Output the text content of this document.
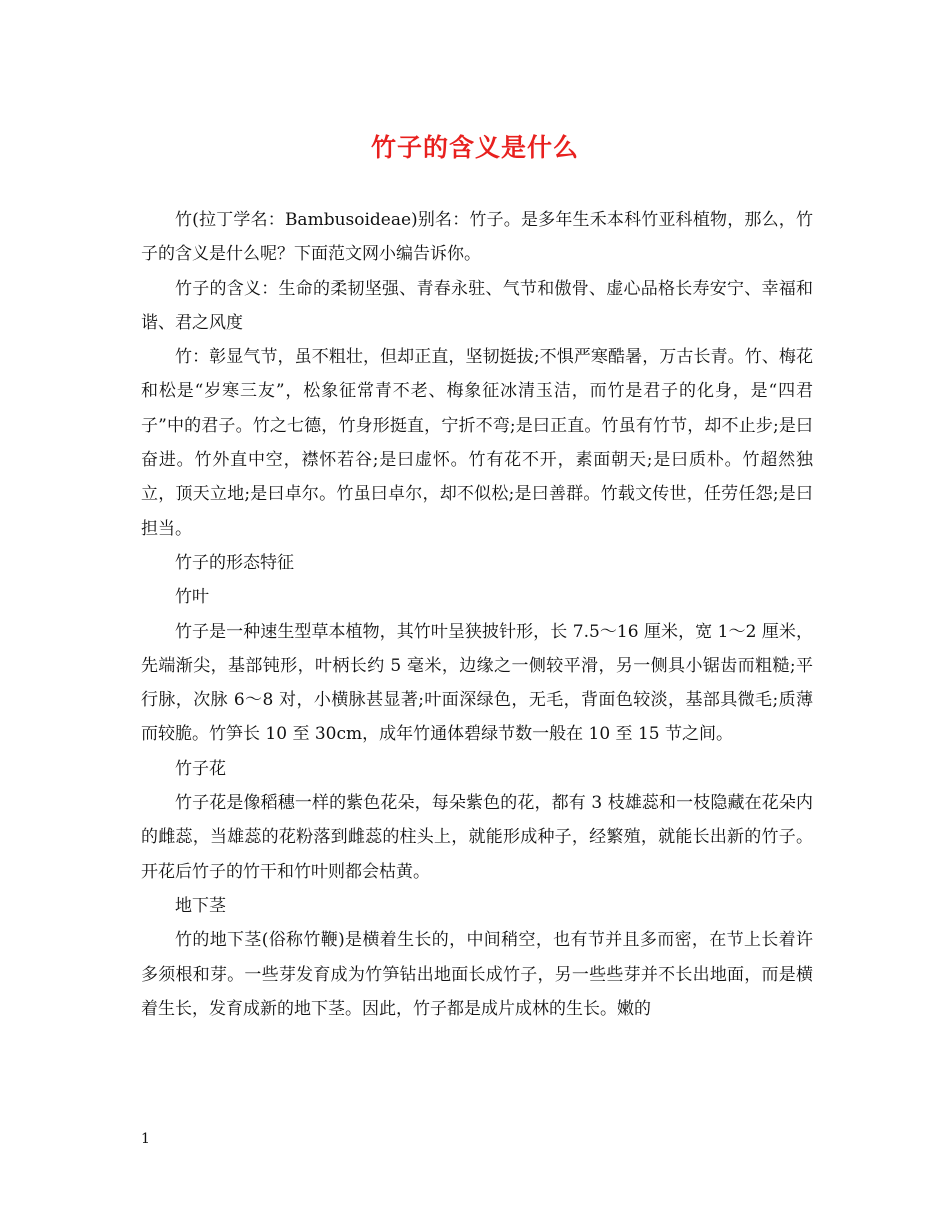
竹子的含义是什么

竹(拉丁学名：Bambusoideae)别名：竹子。是多年生禾本科竹亚科植物，那么，竹子的含义是什么呢？下面范文网小编告诉你。

竹子的含义：生命的柔韧坚强、青春永驻、气节和傲骨、虚心品格长寿安宁、幸福和谐、君之风度

竹：彰显气节，虽不粗壮，但却正直，坚韧挺拔;不惧严寒酷暑，万古长青。竹、梅花和松是“岁寒三友”，松象征常青不老、梅象征冰清玉洁，而竹是君子的化身，是“四君子”中的君子。竹之七德，竹身形挺直，宁折不弯;是曰正直。竹虽有竹节，却不止步;是曰奋进。竹外直中空，襟怀若谷;是曰虚怀。竹有花不开，素面朝天;是曰质朴。竹超然独立，顶天立地;是曰卓尔。竹虽曰卓尔，却不似松;是曰善群。竹载文传世，任劳任怨;是曰担当。

竹子的形态特征

竹叶

竹子是一种速生型草本植物，其竹叶呈狭披针形，长 7.5～16 厘米，宽 1～2 厘米，先端渐尖，基部钝形，叶柄长约 5 毫米，边缘之一侧较平滑，另一侧具小锯齿而粗糙;平行脉，次脉 6～8 对，小横脉甚显著;叶面深绿色，无毛，背面色较淡，基部具微毛;质薄而较脆。竹笋长 10 至 30cm，成年竹通体碧绿节数一般在 10 至 15 节之间。

竹子花

竹子花是像稻穗一样的紫色花朵，每朵紫色的花，都有 3 枝雄蕊和一枝隐藏在花朵内的雌蕊，当雄蕊的花粉落到雌蕊的柱头上，就能形成种子，经繁殖，就能长出新的竹子。开花后竹子的竹干和竹叶则都会枯黄。

地下茎

竹的地下茎(俗称竹鞭)是横着生长的，中间稍空，也有节并且多而密，在节上长着许多须根和芽。一些芽发育成为竹笋钻出地面长成竹子，另一些些芽并不长出地面，而是横着生长，发育成新的地下茎。因此，竹子都是成片成林的生长。嫩的

1
